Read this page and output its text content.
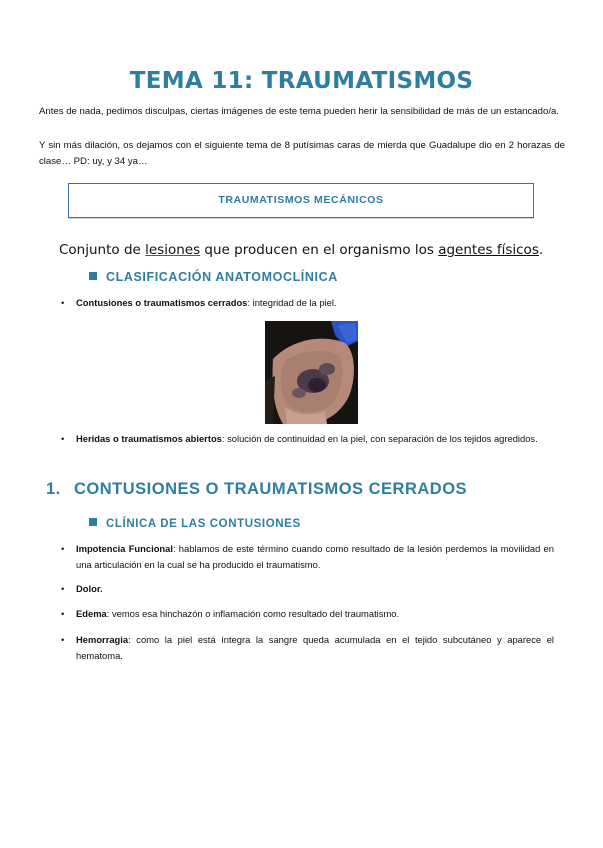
TEMA 11: TRAUMATISMOS
Antes de nada, pedimos disculpas, ciertas imágenes de este tema pueden herir la sensibilidad de más de un estancado/a.
Y sin más dilación, os dejamos con el siguiente tema de 8 putísimas caras de mierda que Guadalupe dio en 2 horazas de clase… PD: uy, y 34 ya…
TRAUMATISMOS MECÁNICOS
Conjunto de lesiones que producen en el organismo los agentes físicos.
CLASIFICACIÓN ANATOMOCLÍNICA
• Contusiones o traumatismos cerrados: integridad de la piel.
• Heridas o traumatismos abiertos: solución de continuidad en la piel, con separación de los tejidos agredidos.
1. CONTUSIONES O TRAUMATISMOS CERRADOS
CLÍNICA DE LAS CONTUSIONES
• Impotencia Funcional: hablamos de este término cuando como resultado de la lesión perdemos la movilidad en una articulación en la cual se ha producido el traumatismo.
• Dolor.
• Edema: vemos esa hinchazón o inflamación como resultado del traumatismo.
• Hemorragia: como la piel está íntegra la sangre queda acumulada en el tejido subcutáneo y aparece el hematoma.
